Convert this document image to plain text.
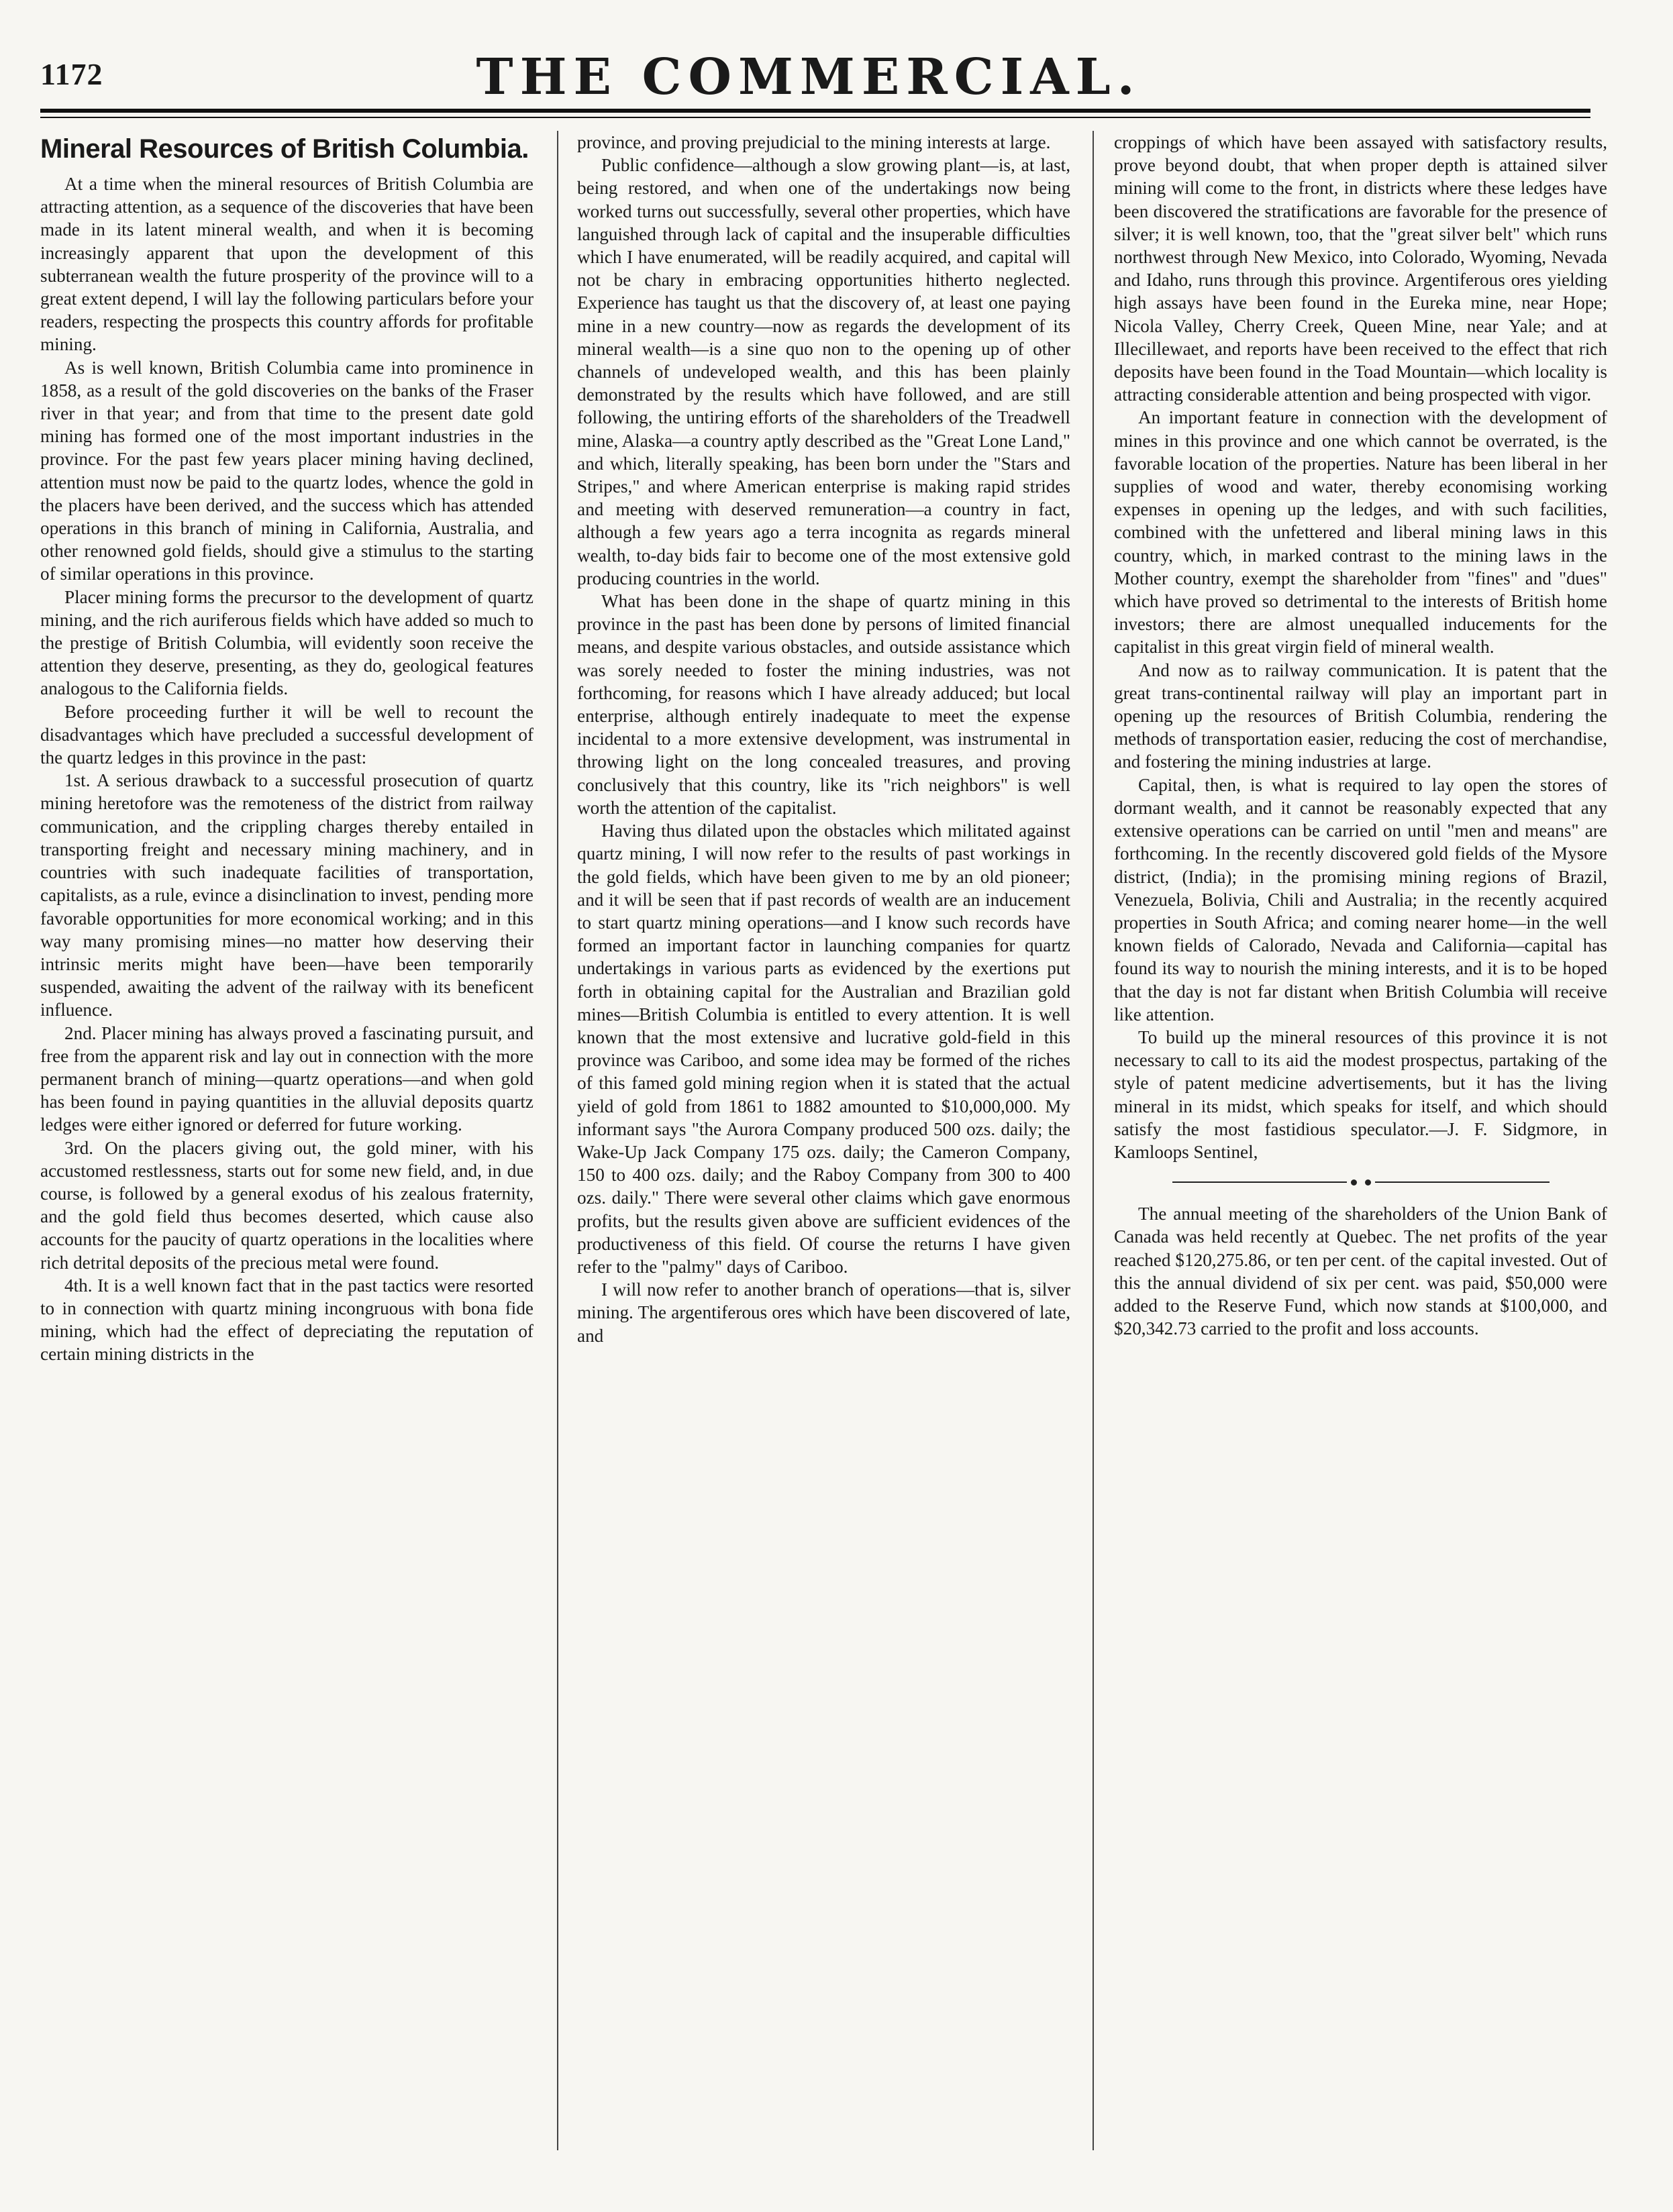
1172	THE COMMERCIAL.
Mineral Resources of British Columbia.

At a time when the mineral resources of British Columbia are attracting attention, as a sequence of the discoveries that have been made in its latent mineral wealth, and when it is becoming increasingly apparent that upon the development of this subterranean wealth the future prosperity of the province will to a great extent depend, I will lay the following particulars before your readers, respecting the prospects this country affords for profitable mining.

As is well known, British Columbia came into prominence in 1858, as a result of the gold discoveries on the banks of the Fraser river in that year; and from that time to the present date gold mining has formed one of the most important industries in the province. For the past few years placer mining having declined, attention must now be paid to the quartz lodes, whence the gold in the placers have been derived, and the success which has attended operations in this branch of mining in California, Australia, and other renowned gold fields, should give a stimulus to the starting of similar operations in this province.

Placer mining forms the precursor to the development of quartz mining, and the rich auriferous fields which have added so much to the prestige of British Columbia, will evidently soon receive the attention they deserve, presenting, as they do, geological features analogous to the California fields.

Before proceeding further it will be well to recount the disadvantages which have precluded a successful development of the quartz ledges in this province in the past:

1st. A serious drawback to a successful prosecution of quartz mining heretofore was the remoteness of the district from railway communication, and the crippling charges thereby entailed in transporting freight and necessary mining machinery, and in countries with such inadequate facilities of transportation, capitalists, as a rule, evince a disinclination to invest, pending more favorable opportunities for more economical working; and in this way many promising mines—no matter how deserving their intrinsic merits might have been—have been temporarily suspended, awaiting the advent of the railway with its beneficent influence.

2nd. Placer mining has always proved a fascinating pursuit, and free from the apparent risk and lay out in connection with the more permanent branch of mining—quartz operations—and when gold has been found in paying quantities in the alluvial deposits quartz ledges were either ignored or deferred for future working.

3rd. On the placers giving out, the gold miner, with his accustomed restlessness, starts out for some new field, and, in due course, is followed by a general exodus of his zealous fraternity, and the gold field thus becomes deserted, which cause also accounts for the paucity of quartz operations in the localities where rich detrital deposits of the precious metal were found.

4th. It is a well known fact that in the past tactics were resorted to in connection with quartz mining incongruous with bona fide mining, which had the effect of depreciating the reputation of certain mining districts in the

province, and proving prejudicial to the mining interests at large.

Public confidence—although a slow growing plant—is, at last, being restored, and when one of the undertakings now being worked turns out successfully, several other properties, which have languished through lack of capital and the insuperable difficulties which I have enumerated, will be readily acquired, and capital will not be chary in embracing opportunities hitherto neglected. Experience has taught us that the discovery of, at least one paying mine in a new country—now as regards the development of its mineral wealth—is a sine quo non to the opening up of other channels of undeveloped wealth, and this has been plainly demonstrated by the results which have followed, and are still following, the untiring efforts of the shareholders of the Treadwell mine, Alaska—a country aptly described as the "Great Lone Land," and which, literally speaking, has been born under the "Stars and Stripes," and where American enterprise is making rapid strides and meeting with deserved remuneration—a country in fact, although a few years ago a terra incognita as regards mineral wealth, to-day bids fair to become one of the most extensive gold producing countries in the world.

What has been done in the shape of quartz mining in this province in the past has been done by persons of limited financial means, and despite various obstacles, and outside assistance which was sorely needed to foster the mining industries, was not forthcoming, for reasons which I have already adduced; but local enterprise, although entirely inadequate to meet the expense incidental to a more extensive development, was instrumental in throwing light on the long concealed treasures, and proving conclusively that this country, like its "rich neighbors" is well worth the attention of the capitalist.

Having thus dilated upon the obstacles which militated against quartz mining, I will now refer to the results of past workings in the gold fields, which have been given to me by an old pioneer; and it will be seen that if past records of wealth are an inducement to start quartz mining operations—and I know such records have formed an important factor in launching companies for quartz undertakings in various parts as evidenced by the exertions put forth in obtaining capital for the Australian and Brazilian gold mines—British Columbia is entitled to every attention. It is well known that the most extensive and lucrative gold-field in this province was Cariboo, and some idea may be formed of the riches of this famed gold mining region when it is stated that the actual yield of gold from 1861 to 1882 amounted to $10,000,000. My informant says "the Aurora Company produced 500 ozs. daily; the Wake-Up Jack Company 175 ozs. daily; the Cameron Company, 150 to 400 ozs. daily; and the Raboy Company from 300 to 400 ozs. daily." There were several other claims which gave enormous profits, but the results given above are sufficient evidences of the productiveness of this field. Of course the returns I have given refer to the "palmy" days of Cariboo.

I will now refer to another branch of operations—that is, silver mining. The argentiferous ores which have been discovered of late, and

croppings of which have been assayed with satisfactory results, prove beyond doubt, that when proper depth is attained silver mining will come to the front, in districts where these ledges have been discovered the stratifications are favorable for the presence of silver; it is well known, too, that the "great silver belt" which runs northwest through New Mexico, into Colorado, Wyoming, Nevada and Idaho, runs through this province. Argentiferous ores yielding high assays have been found in the Eureka mine, near Hope; Nicola Valley, Cherry Creek, Queen Mine, near Yale; and at Illecillewaet, and reports have been received to the effect that rich deposits have been found in the Toad Mountain—which locality is attracting considerable attention and being prospected with vigor.

An important feature in connection with the development of mines in this province and one which cannot be overrated, is the favorable location of the properties. Nature has been liberal in her supplies of wood and water, thereby economising working expenses in opening up the ledges, and with such facilities, combined with the unfettered and liberal mining laws in this country, which, in marked contrast to the mining laws in the Mother country, exempt the shareholder from "fines" and "dues" which have proved so detrimental to the interests of British home investors; there are almost unequalled inducements for the capitalist in this great virgin field of mineral wealth.

And now as to railway communication. It is patent that the great trans-continental railway will play an important part in opening up the resources of British Columbia, rendering the methods of transportation easier, reducing the cost of merchandise, and fostering the mining industries at large.

Capital, then, is what is required to lay open the stores of dormant wealth, and it cannot be reasonably expected that any extensive operations can be carried on until "men and means" are forthcoming. In the recently discovered gold fields of the Mysore district, (India); in the promising mining regions of Brazil, Venezuela, Bolivia, Chili and Australia; in the recently acquired properties in South Africa; and coming nearer home—in the well known fields of Calorado, Nevada and California—capital has found its way to nourish the mining interests, and it is to be hoped that the day is not far distant when British Columbia will receive like attention.

To build up the mineral resources of this province it is not necessary to call to its aid the modest prospectus, partaking of the style of patent medicine advertisements, but it has the living mineral in its midst, which speaks for itself, and which should satisfy the most fastidious speculator.—J. F. Sidgmore, in Kamloops Sentinel,

The annual meeting of the shareholders of the Union Bank of Canada was held recently at Quebec. The net profits of the year reached $120,275.86, or ten per cent. of the capital invested. Out of this the annual dividend of six per cent. was paid, $50,000 were added to the Reserve Fund, which now stands at $100,000, and $20,342.73 carried to the profit and loss accounts.
